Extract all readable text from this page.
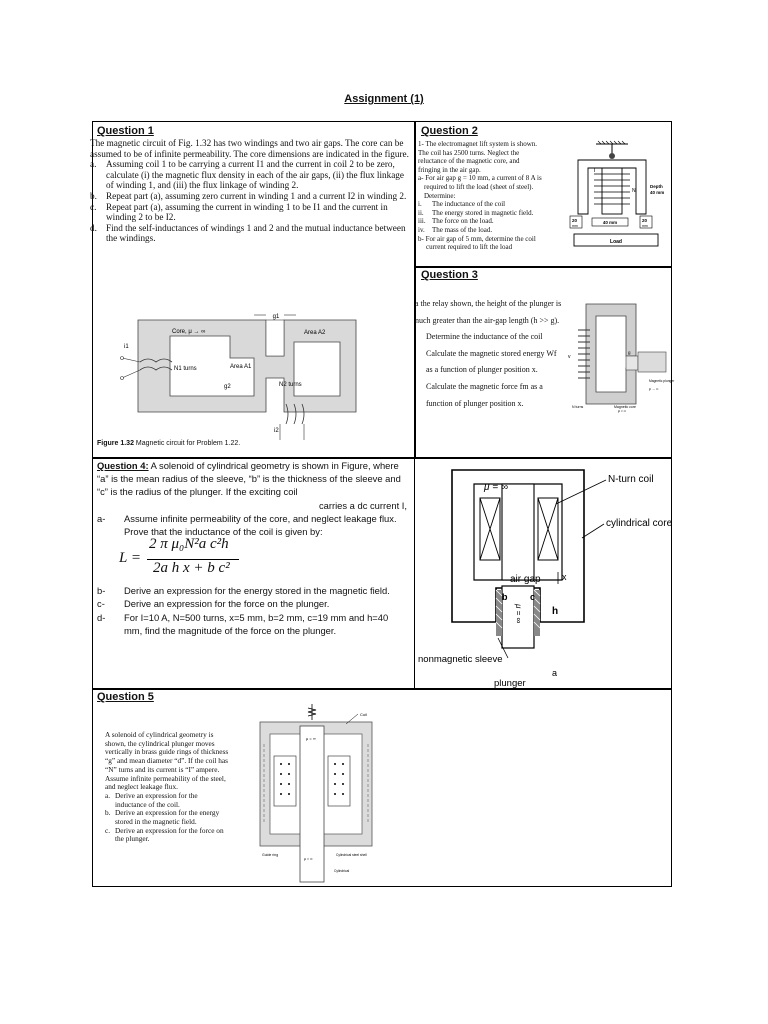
Assignment (1)
Question 1

The magnetic circuit of Fig. 1.32 has two windings and two air gaps. The core can be assumed to be of infinite permeability. The core dimensions are indicated in the figure.

a.	Assuming coil 1 to be carrying a current I1 and the current in coil 2 to be zero, calculate (i) the magnetic flux density in each of the air gaps, (ii) the flux linkage of winding 1, and (iii) the flux linkage of winding 2.
b. Repeat part (a), assuming zero current in winding 1 and a current I2 in winding 2.
c.	Repeat part (a), assuming the current in winding 1 to be I1 and the current in winding 2 to be I2.
d. Find the self-inductances of windings 1 and 2 and the mutual inductance between the windings.
g1
g2
Core, μ → ∞	Area A2
Area A1
N1 turns
N2 turns
i1
i2
Figure 1.32 Magnetic circuit for Problem 1.22.
Question 2
1- The electromagnet lift system is shown.
The coil has 2500 turns. Neglect the
reluctance of the magnetic core, and
fringing in the air gap.
a- For air gap g = 10 mm, a current of 8 A is
required to lift the load (sheet of steel).
Determine:
i. The inductance of the coil
ii. The energy stored in magnetic field.
iii. The force on the load.
iv. The mass of the load.
b- For air gap of 5 mm, determine the coil
current required to lift the load
i
N
Depth
40 mm
20
mm
40 mm	20
mm
Load
Question 3
a the relay shown, the height of the plunger is
nuch greater than the air-gap length (h >> g).
Determine the inductance of the coil
Calculate the magnetic stored energy Wf
as a function of plunger position x.
Calculate the magnetic force fm as a
function of plunger position x.
v
g
Magnetic plunger
μ → ∞
N turns	Magnetic core
μ = ∞
Question 4: A solenoid of cylindrical geometry is shown in Figure, where “a” is the mean radius of the sleeve, “b” is the thickness of the sleeve and “c” is the radius of the plunger. If the exciting coil
carries a dc current I,
a-	Assume infinite permeability of the core, and neglect leakage flux. Prove that the inductance of the coil is given by:
L =
2 π μ₀N²a c²h
2a h x + b c²
b-	Derive an expression for the energy stored in the magnetic field.
c-	Derive an expression for the force on the plunger.
d-	For I=10 A, N=500 turns, x=5 mm, b=2 mm, c=19 mm and h=40 mm, find the magnitude of the force on the plunger.
μ = ∞
N-turn coil
cylindrical core
air gap x
b	c
h
μ = ∞
nonmagnetic sleeve
a
plunger
Question 5
A solenoid of cylindrical geometry is
shown, the cylindrical plunger moves
vertically in brass guide rings of thickness
“g” and mean diameter “d”. If the coil has
“N” turns and its current is “I” ampere.
Assume infinite permeability of the steel,
and neglect leakage flux.
a. Derive an expression for the
inductance of the coil.
b. Derive an expression for the energy
stored in the magnetic field.
c. Derive an expression for the force on
the plunger.
Coil
μ = ∞
Guide ring
μ = ∞
Cylindrical steel shell
Cylindrical
